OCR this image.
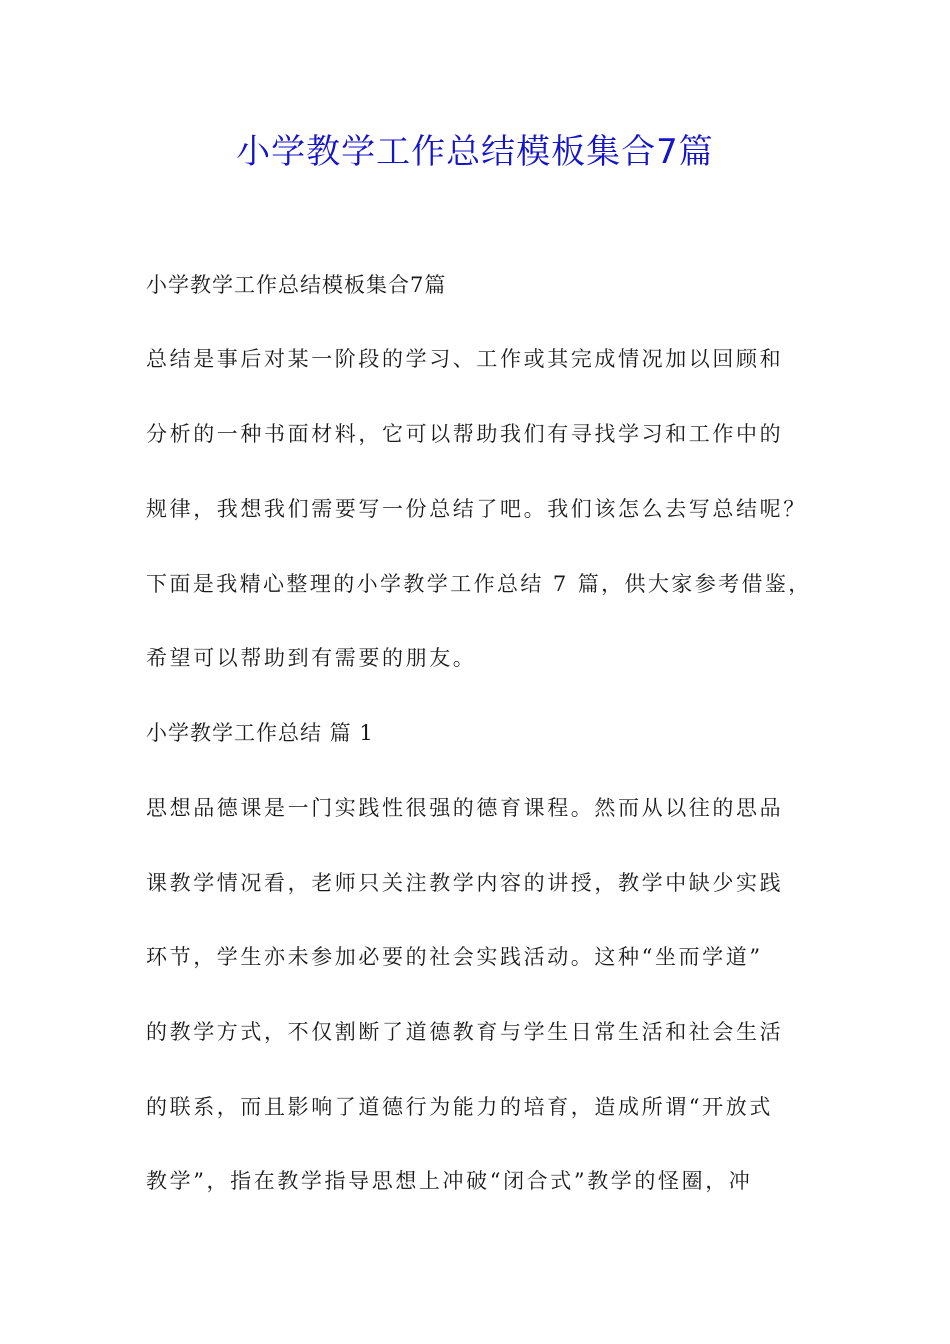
小学教学工作总结模板集合7篇

小学教学工作总结模板集合7篇

总结是事后对某一阶段的学习、工作或其完成情况加以回顾和

分析的一种书面材料，它可以帮助我们有寻找学习和工作中的

规律，我想我们需要写一份总结了吧。我们该怎么去写总结呢？

下面是我精心整理的小学教学工作总结 7 篇，供大家参考借鉴，

希望可以帮助到有需要的朋友。

小学教学工作总结 篇 1

思想品德课是一门实践性很强的德育课程。然而从以往的思品

课教学情况看，老师只关注教学内容的讲授，教学中缺少实践

环节，学生亦未参加必要的社会实践活动。这种“坐而学道”

的教学方式，不仅割断了道德教育与学生日常生活和社会生活

的联系，而且影响了道德行为能力的培育，造成所谓“开放式

教学”，指在教学指导思想上冲破“闭合式”教学的怪圈，冲
